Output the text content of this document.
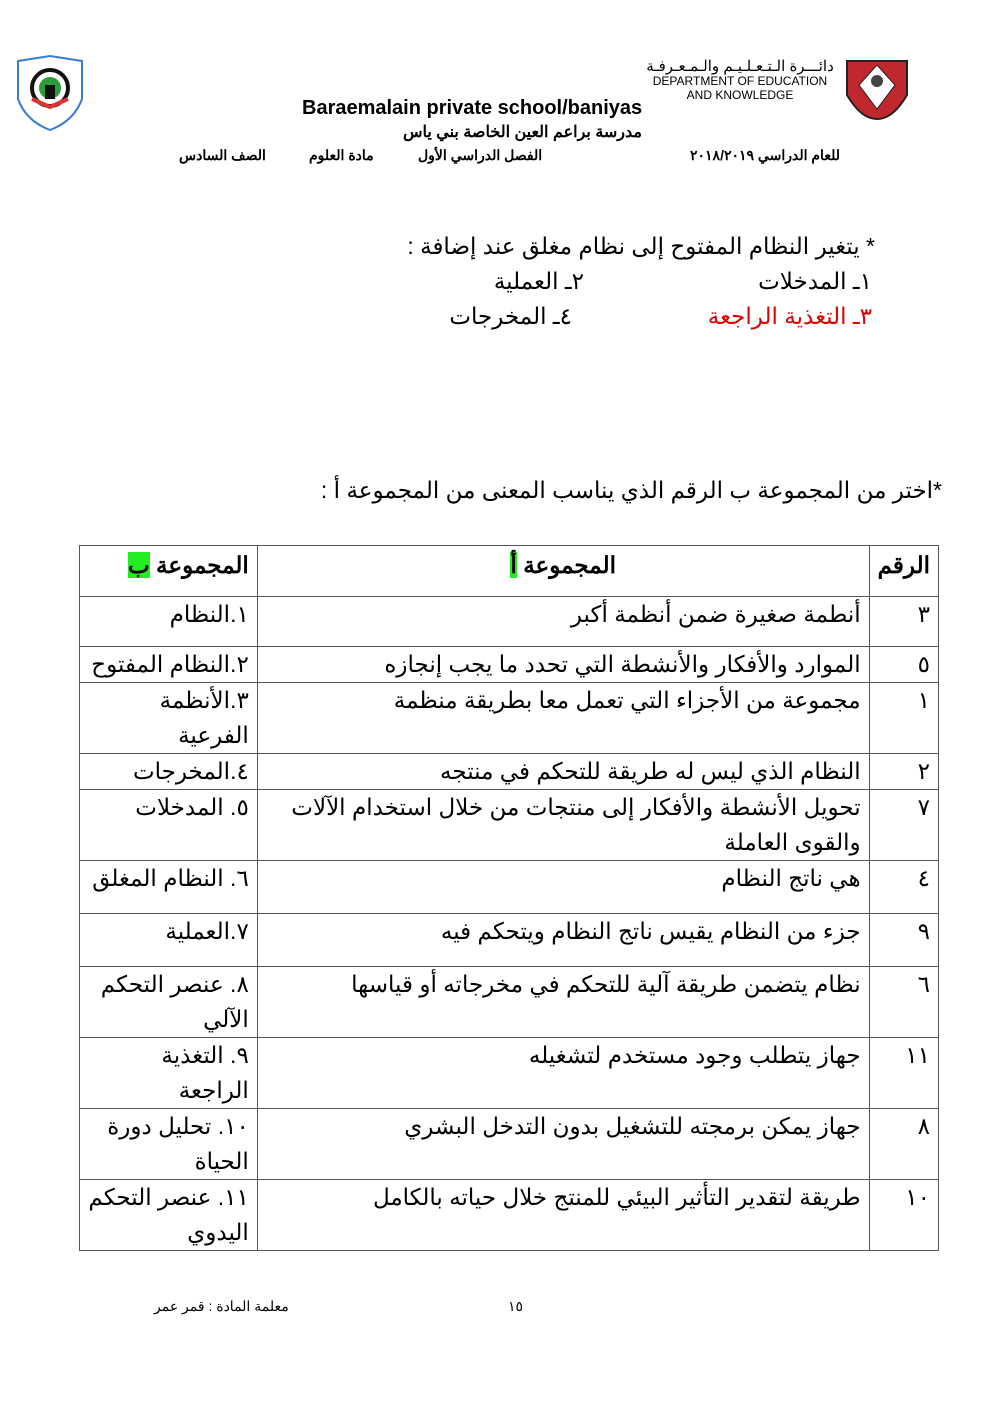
دائـــرة الـتـعـلـيـم والـمـعـرفـة
DEPARTMENT OF EDUCATION
AND KNOWLEDGE
Baraemalain private school/baniyas
مدرسة براعم العين الخاصة بني ياس
للعام الدراسي ٢٠١٨/٢٠١٩
الفصل الدراسي الأول
مادة العلوم
الصف السادس
* يتغير النظام المفتوح إلى نظام مغلق عند إضافة :
١ـ المدخلات
٢ـ العملية
٣ـ التغذية الراجعة
٤ـ المخرجات
*اختر من المجموعة ب الرقم الذي يناسب المعنى من المجموعة أ :
الرقم	المجموعة أ	المجموعة ب
٣	أنطمة صغيرة ضمن أنظمة أكبر	١.النظام
٥	الموارد والأفكار والأنشطة التي تحدد ما يجب إنجازه	٢.النظام المفتوح
١	مجموعة من الأجزاء التي تعمل معا بطريقة منظمة	٣.الأنظمة الفرعية
٢	النظام الذي ليس له طريقة للتحكم في منتجه	٤.المخرجات
٧	تحويل الأنشطة والأفكار إلى منتجات من خلال استخدام الآلات والقوى العاملة	٥. المدخلات
٤	هي ناتج النظام	٦. النظام المغلق
٩	جزء من النظام يقيس ناتج النظام ويتحكم فيه	٧.العملية
٦	نظام يتضمن طريقة آلية للتحكم في مخرجاته أو قياسها	٨. عنصر التحكم الآلي
١١	جهاز يتطلب وجود مستخدم لتشغيله	٩. التغذية الراجعة
٨	جهاز يمكن برمجته للتشغيل بدون التدخل البشري	١٠. تحليل دورة الحياة
١٠	طريقة لتقدير التأثير البيئي للمنتج خلال حياته بالكامل	١١. عنصر التحكم اليدوي
معلمة المادة : قمر عمر	١٥
